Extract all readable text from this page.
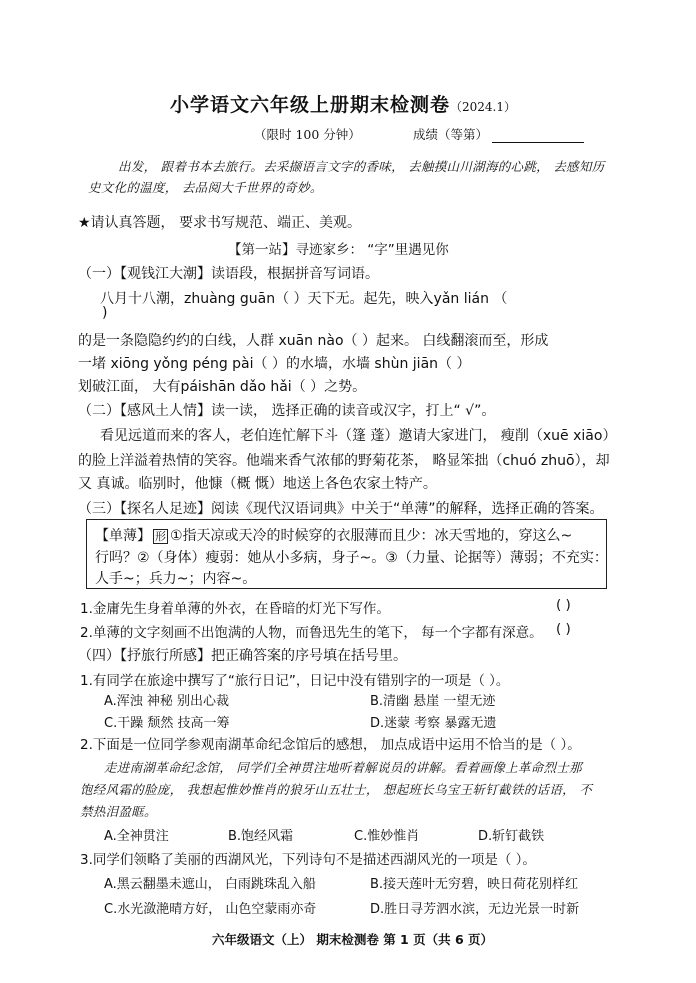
小学语文六年级上册期末检测卷（2024.1）
（限时 100 分钟）	成绩（等第）
出发， 跟着书本去旅行。去采撷语言文字的香味， 去触摸山川湖海的心跳， 去感知历
史文化的温度， 去品阅大千世界的奇妙。
★请认真答题， 要求书写规范、端正、美观。
【第一站】寻迹家乡： “字”里遇见你
（一）【观钱江大潮】读语段，根据拼音写词语。
八月十八潮，zhuàng guān（ ）天下无。起先，映入yǎn lián （
)
的是一条隐隐约约的白线，人群 xuān nào（ ）起来。 白线翻滚而至，形成
一堵 xiōng yǒng péng pài（ ）的水墙，水墙 shùn jiān（ ）
划破江面， 大有páishān dǎo hǎi（ ）之势。
（二）【感风土人情】读一读， 选择正确的读音或汉字，打上“ √”。
看见远道而来的客人，老伯连忙解下斗（篷 蓬）邀请大家进门， 瘦削（xuē xiāo）
的脸上洋溢着热情的笑容。他端来香气浓郁的野菊花茶， 略显笨拙（chuó zhuō），却
又 真诚。临别时，他慷（概 慨）地送上各色农家土特产。
（三）【探名人足迹】阅读《现代汉语词典》中关于“单薄”的解释，选择正确的答案。
【单薄】 形 ①指天凉或天冷的时候穿的衣服薄而且少：冰天雪地的，穿这么~
行吗？②（身体）瘦弱：她从小多病，身子~。③（力量、论据等）薄弱；不充实：
人手~；兵力~；内容~。
1.金庸先生身着单薄的外衣，在昏暗的灯光下写作。	( )
2.单薄的文字刻画不出饱满的人物，而鲁迅先生的笔下， 每一个字都有深意。 ( )
（四）【抒旅行所感】把正确答案的序号填在括号里。
1.有同学在旅途中撰写了“旅行日记”，日记中没有错别字的一项是（ ）。
A.浑浊 神秘 别出心裁	B.清幽 悬崖 一望无迹
C.干躁 颓然 技高一筹	D.迷蒙 考察 暴露无遗
2.下面是一位同学参观南湖革命纪念馆后的感想， 加点成语中运用不恰当的是（ ）。
走进南湖革命纪念馆， 同学们全神贯注地听着解说员的讲解。看着画像上革命烈士那
饱经风霜的脸庞， 我想起惟妙惟肖的狼牙山五壮士， 想起班长乌宝王斩钉截铁的话语， 不
禁热泪盈眶。
A.全神贯注	B.饱经风霜	C.惟妙惟肖	D.斩钉截铁
3.同学们领略了美丽的西湖风光，下列诗句不是描述西湖风光的一项是（ ）。
A.黑云翻墨未遮山， 白雨跳珠乱入船	B.接天莲叶无穷碧，映日荷花别样红
C.水光潋滟晴方好， 山色空蒙雨亦奇	D.胜日寻芳泗水滨，无边光景一时新
六年级语文（上） 期末检测卷 第 1 页（共 6 页）
